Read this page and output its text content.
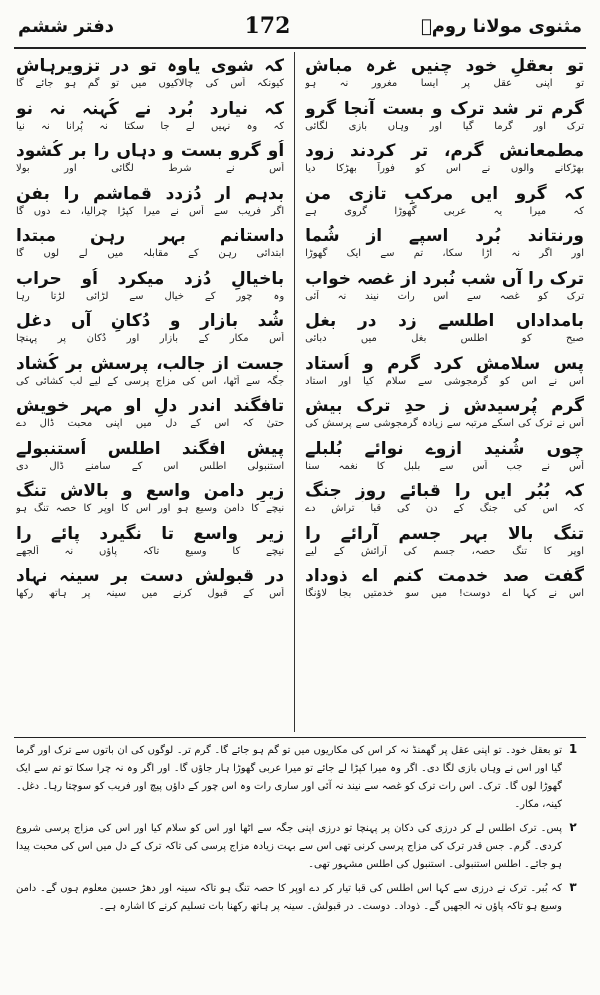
مثنوی مولانا رومؒ
172
دفتر ششم
تو بعقلِ خود چنیں غرہ مباش
تو اپنی عقل پر ایسا مغرور نہ ہو
گرم تر شد ترک و بست آنجا گرو
ترک اور گرما گیا اور وہاں بازی لگائی
مطمعانش گرم، تر کردند زود
بھڑکانے والوں نے اس کو فوراً بھڑکا دیا
کہ گرو ایں مرکبِ تازی من
کہ میرا یہ عربی گھوڑا گروی ہے
ورنتاند بُرد اسپے از شُما
اور اگر نہ اڑا سکا، تم سے ایک گھوڑا
ترک را آں شب نُبرد از غصہ خواب
ترک کو غصہ سے اس رات نیند نہ آئی
بامداداں اطلسے زد در بغل
صبح کو اطلس بغل میں دبائی
پس سلامش کرد گرم و اُستاد
اس نے اس کو گرمجوشی سے سلام کیا اور استاد
گرم پُرسیدش ز حدِ ترک بیش
اُس نے ترک کی اسکے مرتبہ سے زیادہ گرمجوشی سے پرسش کی
چوں شُنید ازوے نوائے بُلبلے
اُس نے جب اُس سے بلبل کا نغمہ سنا
کہ بُبُر ایں را قبائے روزِ جنگ
کہ اس کی جنگ کے دن کی قبا تراش دے
تنگ بالا بہر جسم آرائے را
اوپر کا تنگ حصہ، جسم کی آرائش کے لیے
گفت صد خدمت کنم اے ذوداد
اس نے کہا اے دوست! میں سو خدمتیں بجا لاؤنگا
کہ شوی یاوہ تو در تزویرہاش
کیونکہ اُس کی چالاکیوں میں تو گم ہو جائے گا
کہ نیارد بُرد نے کُہنہ نہ نو
کہ وہ نہیں لے جا سکتا نہ پُرانا نہ نیا
اُو گرو بست و دہاں را بر کُشود
اُس نے شرط لگائی اور بولا
بدہم ار دُزدد قماشم را بفن
اگر فریب سے اُس نے میرا کپڑا چرالیا، دے دوں گا
داستانم بہر رہن مبتدا
ابتدائی رہن کے مقابلہ میں لے لوں گا
باخیالِ دُزد میکرد اُو حراب
وہ چور کے خیال سے لڑائی لڑتا رہا
شُد بازار و دُکانِ آں دغل
اُس مکار کے بازار اور دُکان پر پہنچا
جست از جالب، پرسش بر کُشاد
جگہ سے اُٹھا، اس کی مزاج پرسی کے لیے لب کشائی کی
تافگند اندر دلِ او مہر خویش
حتیٰ کہ اس کے دل میں اپنی محبت ڈال دے
پیش افگند اطلس اُستنبولے
استنبولی اطلس اس کے سامنے ڈال دی
زیرِ دامن واسع و بالاش تنگ
نیچے کا دامن وسیع ہو اور اس کا اوپر کا حصہ تنگ ہو
زیر واسع تا نگیرد پائے را
نیچے کا وسیع تاکہ پاؤں نہ اُلجھے
در قبولش دست بر سینہ نہاد
اُس کے قبول کرنے میں سینہ پر ہاتھ رکھا
1
تو بعقل خود۔ تو اپنی عقل پر گھمنڈ نہ کر اس کی مکاریوں میں تو گم ہو جائے گا۔ گرم تر۔ لوگوں کی ان باتوں سے ترک اور گرما گیا اور اس نے وہاں بازی لگا دی۔ اگر وہ میرا کپڑا لے جائے تو میرا عربی گھوڑا ہار جاؤں گا۔ اور اگر وہ نہ چرا سکا تو تم سے ایک گھوڑا لوں گا۔ ترک۔ اس رات ترک کو غصہ سے نیند نہ آئی اور ساری رات وہ اس چور کے داؤں پیچ اور فریب کو سوچتا رہا۔ دغل۔ کینہ، مکار۔
۲
پس۔ ترک اطلس لے کر درزی کی دکان پر پہنچا تو درزی اپنی جگہ سے اٹھا اور اس کو سلام کیا اور اس کی مزاج پرسی شروع کردی۔ گرم۔ جس قدر ترک کی مزاج پرسی کرنی تھی اس سے بہت زیادہ مزاج پرسی کی تاکہ ترک کے دل میں اس کی محبت پیدا ہو جائے۔ اطلس استنبولی۔ استنبول کی اطلس مشہور تھی۔
۳
کہ بُبر۔ ترک نے درزی سے کہا اس اطلس کی قبا تیار کر دے اوپر کا حصہ تنگ ہو تاکہ سینہ اور دھڑ حسین معلوم ہوں گے۔ دامن وسیع ہو تاکہ پاؤں نہ الجھیں گے۔ ذوداد۔ دوست۔ در قبولش۔ سینہ پر ہاتھ رکھنا بات تسلیم کرنے کا اشارہ ہے۔
